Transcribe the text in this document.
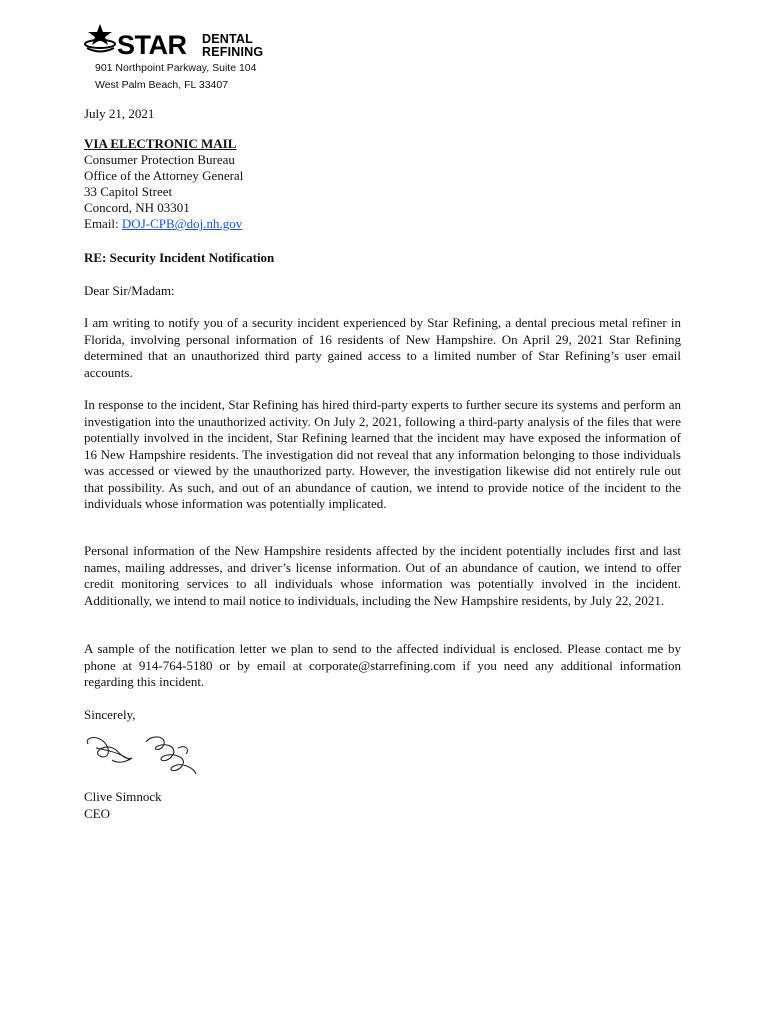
STAR DENTAL
REFINING
901 Northpoint Parkway, Suite 104
West Palm Beach, FL 33407
July 21, 2021
VIA ELECTRONIC MAIL
Consumer Protection Bureau
Office of the Attorney General
33 Capitol Street
Concord, NH 03301
Email: DOJ-CPB@doj.nh.gov
RE: Security Incident Notification
Dear Sir/Madam:

I am writing to notify you of a security incident experienced by Star Refining, a dental precious metal refiner in Florida, involving personal information of 16 residents of New Hampshire. On April 29, 2021 Star Refining determined that an unauthorized third party gained access to a limited number of Star Refining’s user email accounts.

In response to the incident, Star Refining has hired third-party experts to further secure its systems and perform an investigation into the unauthorized activity. On July 2, 2021, following a third-party analysis of the files that were potentially involved in the incident, Star Refining learned that the incident may have exposed the information of 16 New Hampshire residents. The investigation did not reveal that any information belonging to those individuals was accessed or viewed by the unauthorized party. However, the investigation likewise did not entirely rule out that possibility. As such, and out of an abundance of caution, we intend to provide notice of the incident to the individuals whose information was potentially implicated.

Personal information of the New Hampshire residents affected by the incident potentially includes first and last names, mailing addresses, and driver’s license information. Out of an abundance of caution, we intend to offer credit monitoring services to all individuals whose information was potentially involved in the incident. Additionally, we intend to mail notice to individuals, including the New Hampshire residents, by July 22, 2021.

A sample of the notification letter we plan to send to the affected individual is enclosed. Please contact me by phone at 914-764-5180 or by email at corporate@starrefining.com if you need any additional information regarding this incident.

Sincerely,
Clive Simnock
CEO
